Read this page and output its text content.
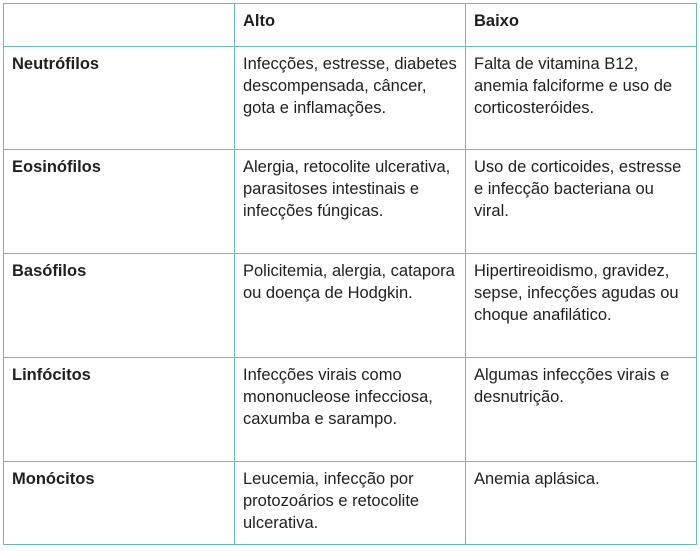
	Alto	Baixo
Neutrófilos	Infecções, estresse, diabetes descompensada, câncer, gota e inflamações.	Falta de vitamina B12, anemia falciforme e uso de corticosteróides.
Eosinófilos	Alergia, retocolite ulcerativa, parasitoses intestinais e infecções fúngicas.	Uso de corticoides, estresse e infecção bacteriana ou viral.
Basófilos	Policitemia, alergia, catapora ou doença de Hodgkin.	Hipertireoidismo, gravidez, sepse, infecções agudas ou choque anafilático.
Linfócitos	Infecções virais como mononucleose infecciosa, caxumba e sarampo.	Algumas infecções virais e desnutrição.
Monócitos	Leucemia, infecção por protozoários e retocolite ulcerativa.	Anemia aplásica.
